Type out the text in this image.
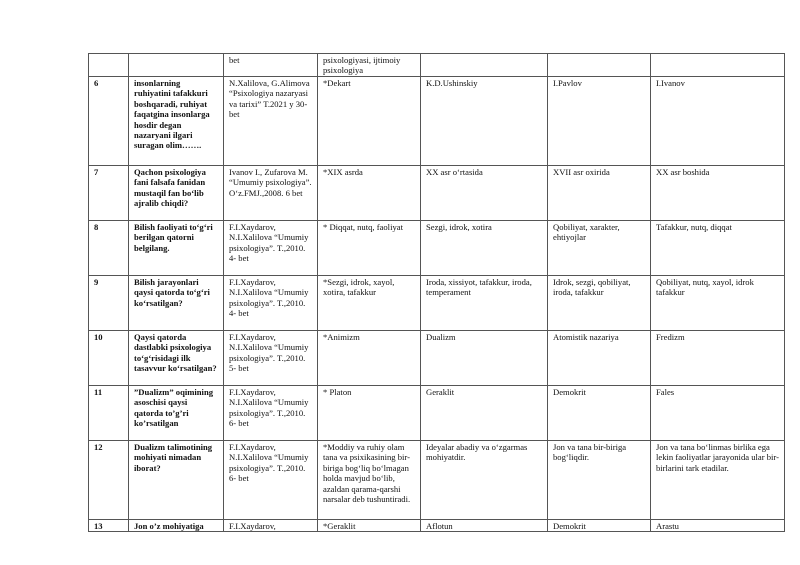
		bet	psixologiyasi, ijtimoiy psixologiya			

6	insonlarning ruhiyatini tafakkuri boshqaradi, ruhiyat faqatgina insonlarga hosdir degan nazaryani ilgari suragan olim…….	N.Xalilova, G.Alimova “Psixologiya nazaryasi va tarixi” T.2021 y 30-bet	*Dekart	K.D.Ushinskiy	I.Pavlov	I.Ivanov

7	Qachon psixologiya fani falsafa fanidan mustaqil fan bo‘lib ajralib chiqdi?	Ivanov I., Zufarova M. “Umumiy psixologiya”. O‘z.FMJ.,2008. 6 bet	*XIX asrda	XX asr o‘rtasida	XVII asr oxirida	XX asr boshida

8	Bilish faoliyati to‘g‘ri berilgan qatorni belgilang.	F.I.Xaydarov, N.I.Xalilova “Umumiy psixologiya”. T.,2010. 4- bet	* Diqqat, nutq, faoliyat	Sezgi, idrok, xotira	Qobiliyat, xarakter, ehtiyojlar	Tafakkur, nutq, diqqat

9	Bilish jarayonlari qaysi qatorda to‘g‘ri ko‘rsatilgan?	F.I.Xaydarov, N.I.Xalilova “Umumiy psixologiya”. T.,2010. 4- bet	*Sezgi, idrok, xayol, xotira, tafakkur	Iroda, xissiyot, tafakkur, iroda, temperament	Idrok, sezgi, qobiliyat, iroda, tafakkur	Qobiliyat, nutq, xayol, idrok tafakkur

10	Qaysi qatorda dastlabki psixologiya to‘g‘risidagi ilk tasavvur ko‘rsatilgan?	F.I.Xaydarov, N.I.Xalilova “Umumiy psixologiya”. T.,2010. 5- bet	*Animizm	Dualizm	Atomistik nazariya	Fredizm

11	”Dualizm” oqimining asoschisi qaysi qatorda to’g’ri ko’rsatilgan	F.I.Xaydarov, N.I.Xalilova “Umumiy psixologiya”. T.,2010. 6- bet	* Platon	Geraklit	Demokrit	Fales

12	Dualizm talimotining mohiyati nimadan iborat?	F.I.Xaydarov, N.I.Xalilova “Umumiy psixologiya”. T.,2010. 6- bet	*Moddiy va ruhiy olam tana va psixikasining bir-biriga bog‘liq bo‘lmagan holda mavjud bo‘lib, azaldan qarama-qarshi narsalar deb tushuntiradi.	Ideyalar abadiy va o‘zgarmas mohiyatdir.	Jon va tana bir-biriga bog‘liqdir.	Jon va tana bo‘linmas birlika ega lekin faoliyatlar jarayonida ular bir-birlarini tark etadilar.

13	Jon o’z mohiyatiga	F.I.Xaydarov,	*Geraklit	Aflotun	Demokrit	Arastu
